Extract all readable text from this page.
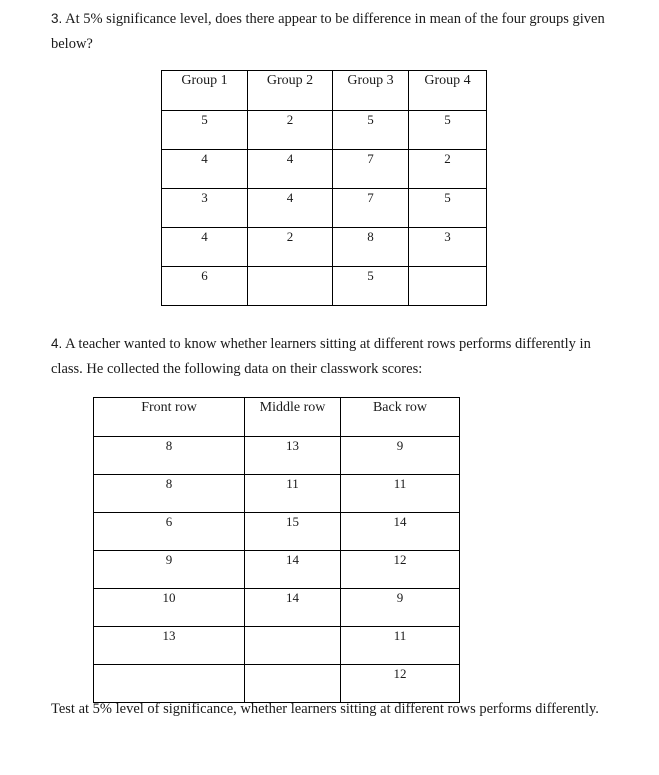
3. At 5% significance level, does there appear to be difference in mean of the four groups given below?

Group 1	Group 2	Group 3	Group 4
5	2	5	5
4	4	7	2
3	4	7	5
4	2	8	3
6		5	

4. A teacher wanted to know whether learners sitting at different rows performs differently in class. He collected the following data on their classwork scores:

Front row	Middle row	Back row
8	13	9
8	11	11
6	15	14
9	14	12
10	14	9
13		11
		12

Test at 5% level of significance, whether learners sitting at different rows performs differently.
